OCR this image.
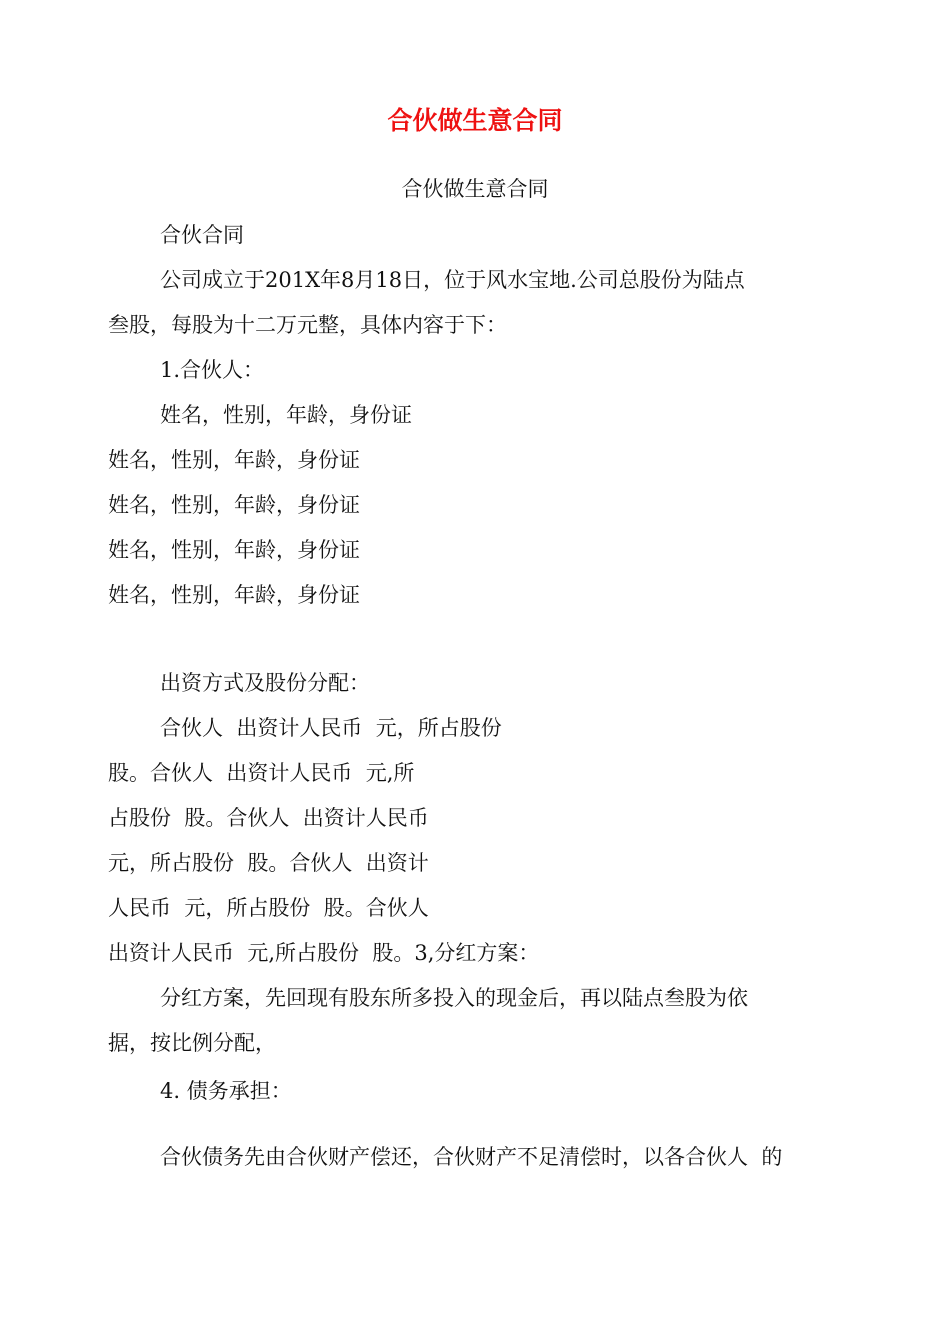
合伙做生意合同

合伙做生意合同

合伙合同

公司成立于201X年8月18日，位于风水宝地.公司总股份为陆点

叁股，每股为十二万元整，具体内容于下：

1.合伙人：

姓名，性别，年龄，身份证

姓名，性别，年龄，身份证

姓名，性别，年龄，身份证

姓名，性别，年龄，身份证

姓名，性别，年龄，身份证

出资方式及股份分配：

合伙人  出资计人民币  元，所占股份

股。合伙人  出资计人民币  元,所

占股份  股。合伙人  出资计人民币

元，所占股份  股。合伙人  出资计

人民币  元，所占股份  股。合伙人

出资计人民币  元,所占股份  股。3,分红方案：

分红方案，先回现有股东所多投入的现金后，再以陆点叁股为依

据，按比例分配，

4. 债务承担：

合伙债务先由合伙财产偿还，合伙财产不足清偿时，以各合伙人  的
